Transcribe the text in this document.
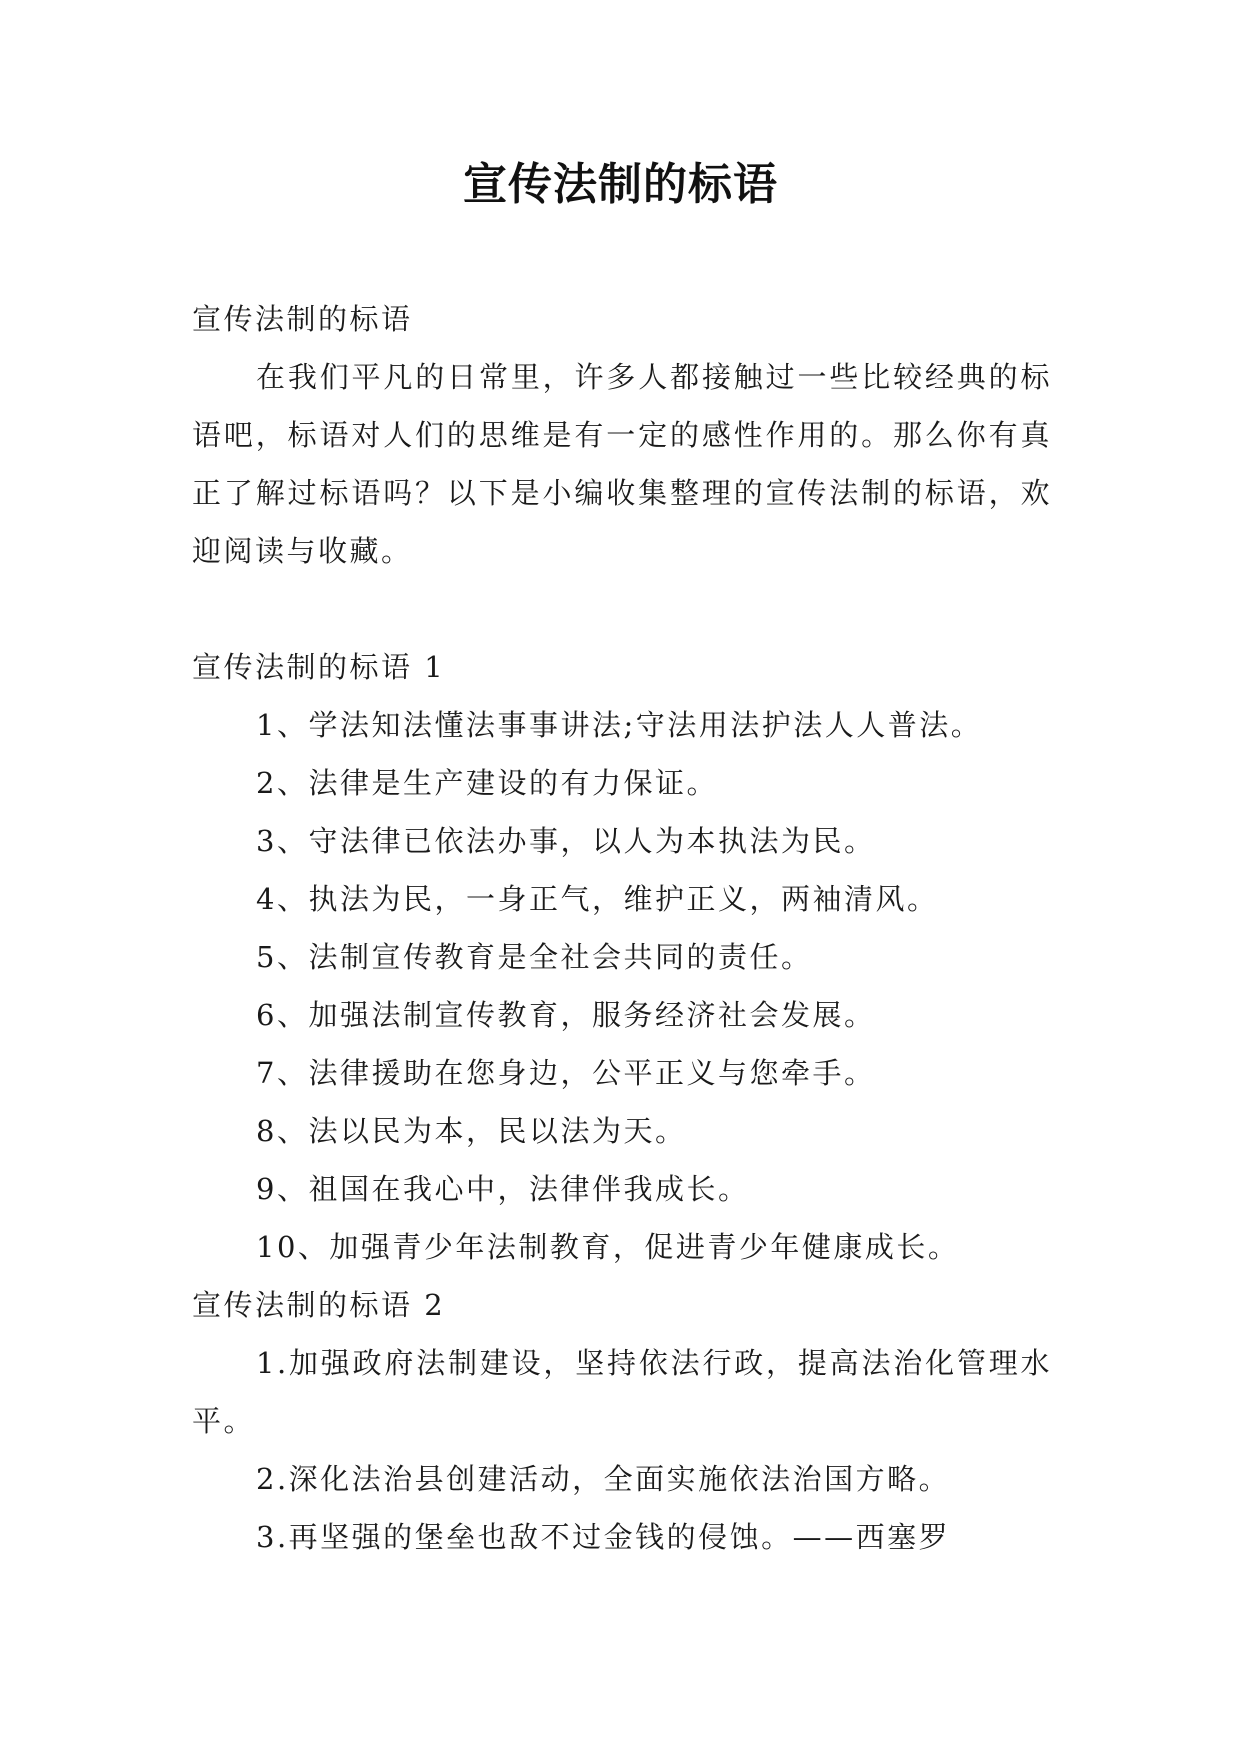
宣传法制的标语
宣传法制的标语
在我们平凡的日常里，许多人都接触过一些比较经典的标语吧，标语对人们的思维是有一定的感性作用的。那么你有真正了解过标语吗？以下是小编收集整理的宣传法制的标语，欢迎阅读与收藏。
宣传法制的标语 1
1、学法知法懂法事事讲法;守法用法护法人人普法。
2、法律是生产建设的有力保证。
3、守法律已依法办事，以人为本执法为民。
4、执法为民，一身正气，维护正义，两袖清风。
5、法制宣传教育是全社会共同的责任。
6、加强法制宣传教育，服务经济社会发展。
7、法律援助在您身边，公平正义与您牵手。
8、法以民为本，民以法为天。
9、祖国在我心中，法律伴我成长。
10、加强青少年法制教育，促进青少年健康成长。
宣传法制的标语 2
1.加强政府法制建设，坚持依法行政，提高法治化管理水平。
2.深化法治县创建活动，全面实施依法治国方略。
3.再坚强的堡垒也敌不过金钱的侵蚀。——西塞罗
